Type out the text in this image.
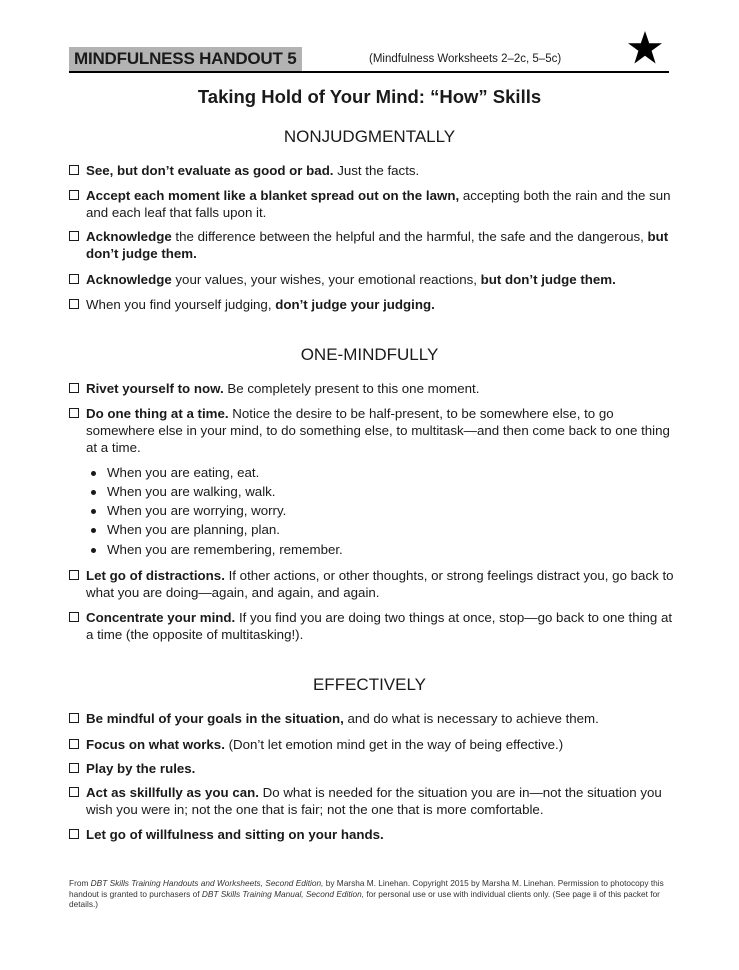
MINDFULNESS HANDOUT 5	(Mindfulness Worksheets 2–2c, 5–5c)
Taking Hold of Your Mind: “How” Skills
NONJUDGMENTALLY
See, but don’t evaluate as good or bad. Just the facts.
Accept each moment like a blanket spread out on the lawn, accepting both the rain and the sun and each leaf that falls upon it.
Acknowledge the difference between the helpful and the harmful, the safe and the dangerous, but don’t judge them.
Acknowledge your values, your wishes, your emotional reactions, but don’t judge them.
When you find yourself judging, don’t judge your judging.
ONE-MINDFULLY
Rivet yourself to now. Be completely present to this one moment.
Do one thing at a time. Notice the desire to be half-present, to be somewhere else, to go somewhere else in your mind, to do something else, to multitask—and then come back to one thing at a time.
When you are eating, eat.
When you are walking, walk.
When you are worrying, worry.
When you are planning, plan.
When you are remembering, remember.
Let go of distractions. If other actions, or other thoughts, or strong feelings distract you, go back to what you are doing—again, and again, and again.
Concentrate your mind. If you find you are doing two things at once, stop—go back to one thing at a time (the opposite of multitasking!).
EFFECTIVELY
Be mindful of your goals in the situation, and do what is necessary to achieve them.
Focus on what works. (Don’t let emotion mind get in the way of being effective.)
Play by the rules.
Act as skillfully as you can. Do what is needed for the situation you are in—not the situation you wish you were in; not the one that is fair; not the one that is more comfortable.
Let go of willfulness and sitting on your hands.
From DBT Skills Training Handouts and Worksheets, Second Edition, by Marsha M. Linehan. Copyright 2015 by Marsha M. Linehan. Permission to photocopy this handout is granted to purchasers of DBT Skills Training Manual, Second Edition, for personal use or use with individual clients only. (See page ii of this packet for details.)
